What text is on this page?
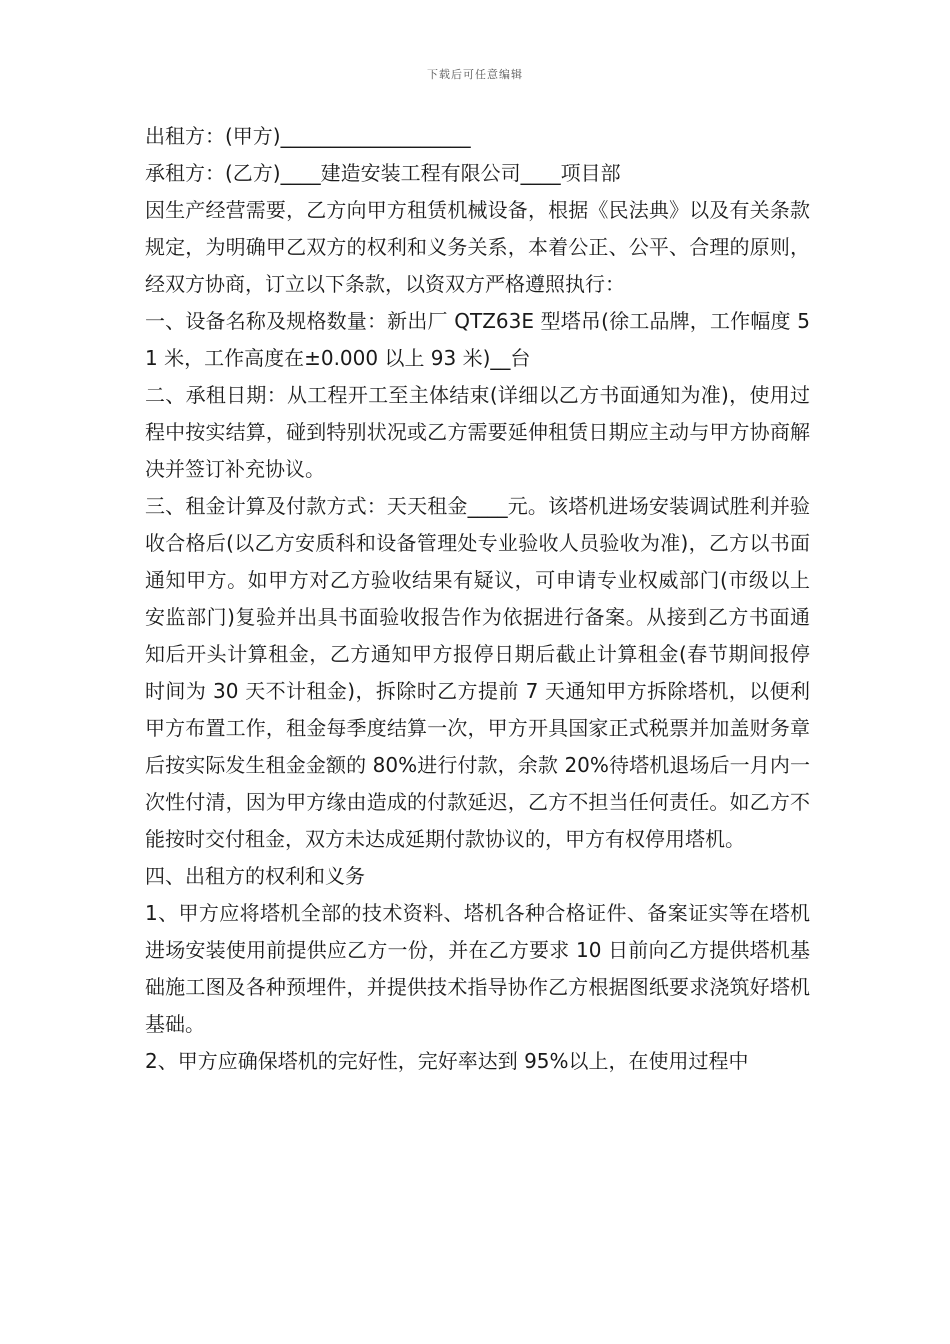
下载后可任意编辑

出租方：(甲方)___________________

承租方：(乙方)____建造安装工程有限公司____项目部

因生产经营需要，乙方向甲方租赁机械设备，根据《民法典》以及有关条款规定，为明确甲乙双方的权利和义务关系，本着公正、公平、合理的原则，经双方协商，订立以下条款，以资双方严格遵照执行：

一、设备名称及规格数量：新出厂 QTZ63E 型塔吊(徐工品牌，工作幅度 51 米，工作高度在±0.000 以上 93 米)__台

二、承租日期：从工程开工至主体结束(详细以乙方书面通知为准)，使用过程中按实结算，碰到特别状况或乙方需要延伸租赁日期应主动与甲方协商解决并签订补充协议。

三、租金计算及付款方式：天天租金____元。该塔机进场安装调试胜利并验收合格后(以乙方安质科和设备管理处专业验收人员验收为准)，乙方以书面通知甲方。如甲方对乙方验收结果有疑议，可申请专业权威部门(市级以上安监部门)复验并出具书面验收报告作为依据进行备案。从接到乙方书面通知后开头计算租金，乙方通知甲方报停日期后截止计算租金(春节期间报停时间为 30 天不计租金)，拆除时乙方提前 7 天通知甲方拆除塔机，以便利甲方布置工作，租金每季度结算一次，甲方开具国家正式税票并加盖财务章后按实际发生租金金额的 80%进行付款，余款 20%待塔机退场后一月内一次性付清，因为甲方缘由造成的付款延迟，乙方不担当任何责任。如乙方不能按时交付租金，双方未达成延期付款协议的，甲方有权停用塔机。

四、出租方的权利和义务

1、甲方应将塔机全部的技术资料、塔机各种合格证件、备案证实等在塔机进场安装使用前提供应乙方一份，并在乙方要求 10 日前向乙方提供塔机基础施工图及各种预埋件，并提供技术指导协作乙方根据图纸要求浇筑好塔机基础。

2、甲方应确保塔机的完好性，完好率达到 95%以上，在使用过程中
